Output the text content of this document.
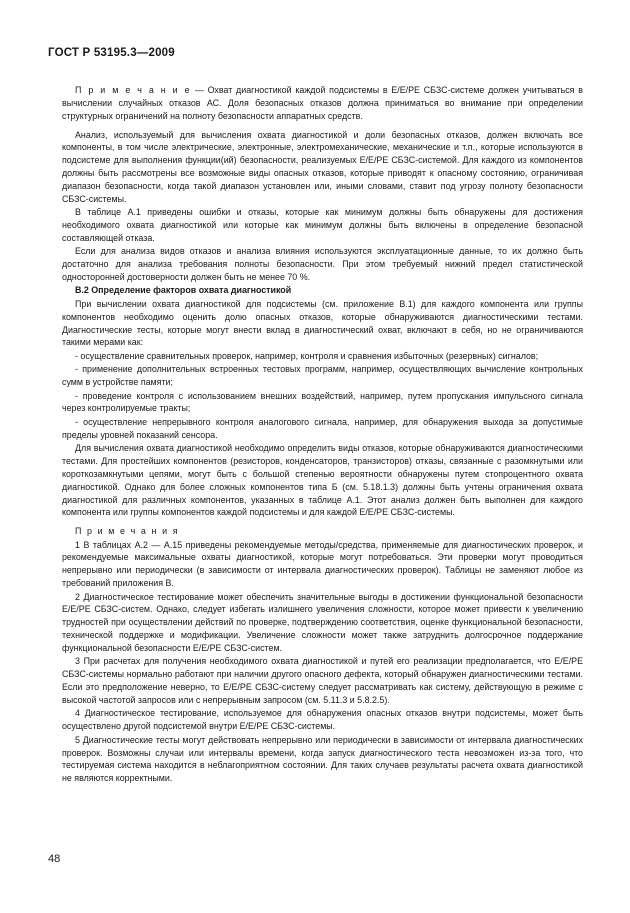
ГОСТ Р 53195.3—2009

П р и м е ч а н и е — Охват диагностикой каждой подсистемы в Е/Е/РЕ СБЗС-системе должен учитываться в вычислении случайных отказов АС. Доля безопасных отказов должна приниматься во внимание при определении структурных ограничений на полноту безопасности аппаратных средств.

Анализ, используемый для вычисления охвата диагностикой и доли безопасных отказов, должен включать все компоненты, в том числе электрические, электронные, электромеханические, механические и т.п., которые используются в подсистеме для выполнения функции(ий) безопасности, реализуемых Е/Е/РЕ СБЗС-системой. Для каждого из компонентов должны быть рассмотрены все возможные виды опасных отказов, которые приводят к опасному состоянию, ограничивая диапазон безопасности, когда такой диапазон установлен или, иными словами, ставит под угрозу полноту безопасности СБЗС-системы.

В таблице А.1 приведены ошибки и отказы, которые как минимум должны быть обнаружены для достижения необходимого охвата диагностикой или которые как минимум должны быть включены в определение безопасной составляющей отказа.

Если для анализа видов отказов и анализа влияния используются эксплуатационные данные, то их должно быть достаточно для анализа требования полноты безопасности. При этом требуемый нижний предел статистической односторонней достоверности должен быть не менее 70 %.

В.2 Определение факторов охвата диагностикой

При вычислении охвата диагностикой для подсистемы (см. приложение В.1) для каждого компонента или группы компонентов необходимо оценить долю опасных отказов, которые обнаруживаются диагностическими тестами. Диагностические тесты, которые могут внести вклад в диагностический охват, включают в себя, но не ограничиваются такими мерами как:

- осуществление сравнительных проверок, например, контроля и сравнения избыточных (резервных) сигналов;

- применение дополнительных встроенных тестовых программ, например, осуществляющих вычисление контрольных сумм в устройстве памяти;

- проведение контроля с использованием внешних воздействий, например, путем пропускания импульсного сигнала через контролируемые тракты;

- осуществление непрерывного контроля аналогового сигнала, например, для обнаружения выхода за допустимые пределы уровней показаний сенсора.

Для вычисления охвата диагностикой необходимо определить виды отказов, которые обнаруживаются диагностическими тестами. Для простейших компонентов (резисторов, конденсаторов, транзисторов) отказы, связанные с разомкнутыми или короткозамкнутыми цепями, могут быть с большой степенью вероятности обнаружены путем стопроцентного охвата диагностикой. Однако для более сложных компонентов типа Б (см. 5.18.1.3) должны быть учтены ограничения охвата диагностикой для различных компонентов, указанных в таблице А.1. Этот анализ должен быть выполнен для каждого компонента или группы компонентов каждой подсистемы и для каждой Е/Е/РЕ СБЗС-системы.

П р и м е ч а н и я

1 В таблицах А.2 — А.15 приведены рекомендуемые методы/средства, применяемые для диагностических проверок, и рекомендуемые максимальные охваты диагностикой, которые могут потребоваться. Эти проверки могут проводиться непрерывно или периодически (в зависимости от интервала диагностических проверок). Таблицы не заменяют любое из требований приложения В.

2 Диагностическое тестирование может обеспечить значительные выгоды в достижении функциональной безопасности Е/Е/РЕ СБЗС-систем. Однако, следует избегать излишнего увеличения сложности, которое может привести к увеличению трудностей при осуществлении действий по проверке, подтверждению соответствия, оценке функциональной безопасности, технической поддержке и модификации. Увеличение сложности может также затруднить долгосрочное поддержание функциональной безопасности Е/Е/РЕ СБЗС-систем.

3 При расчетах для получения необходимого охвата диагностикой и путей его реализации предполагается, что Е/Е/РЕ СБЗС-системы нормально работают при наличии другого опасного дефекта, который обнаружен диагностическими тестами. Если это предположение неверно, то Е/Е/РЕ СБЗС-систему следует рассматривать как систему, действующую в режиме с высокой частотой запросов или с непрерывным запросом (см. 5.11.3 и 5.8.2.5).

4 Диагностическое тестирование, используемое для обнаружения опасных отказов внутри подсистемы, может быть осуществлено другой подсистемой внутри Е/Е/РЕ СБЗС-системы.

5 Диагностические тесты могут действовать непрерывно или периодически в зависимости от интервала диагностических проверок. Возможны случаи или интервалы времени, когда запуск диагностического теста невозможен из-за того, что тестируемая система находится в неблагоприятном состоянии. Для таких случаев результаты расчета охвата диагностикой не являются корректными.

48
